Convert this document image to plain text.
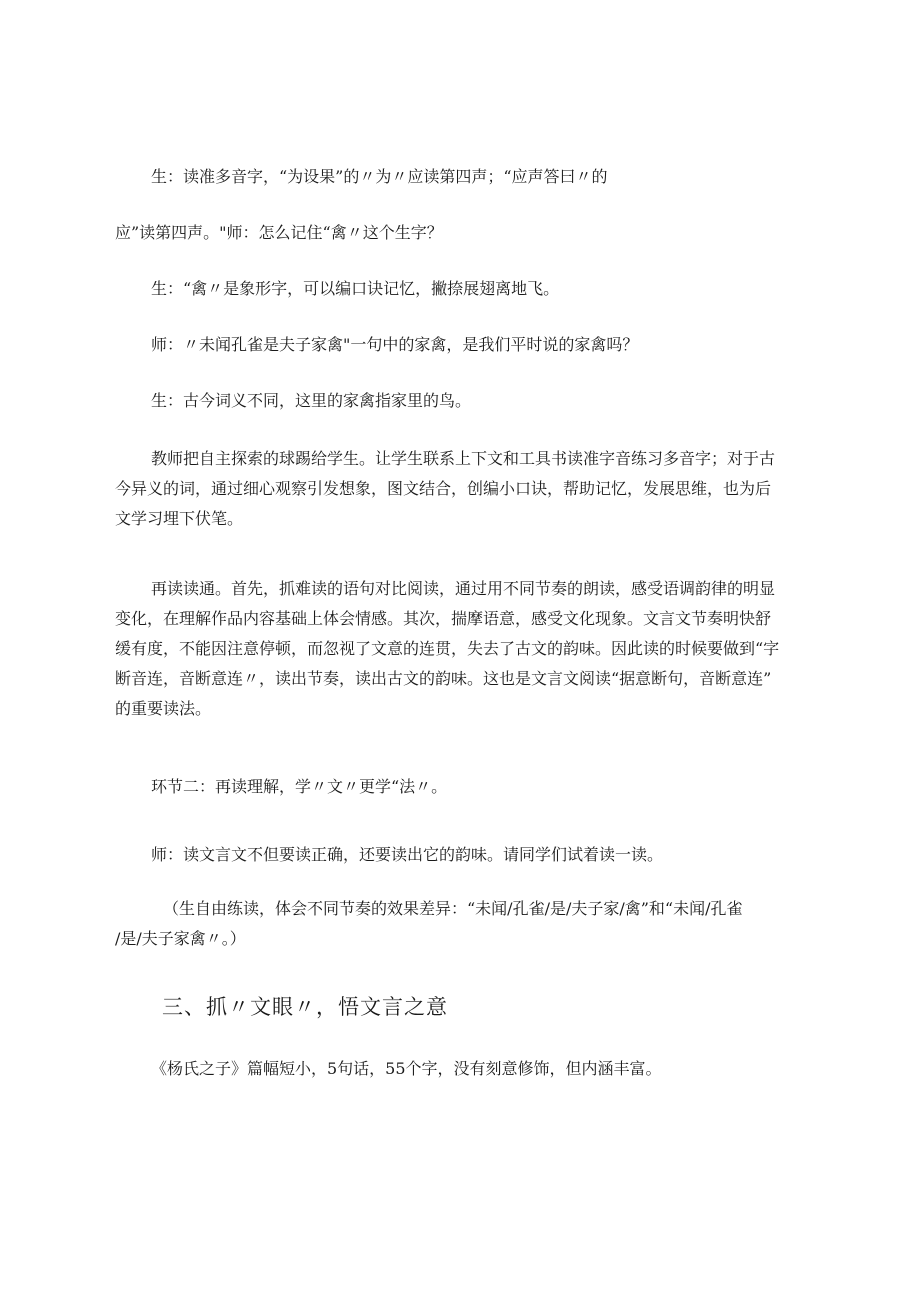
生：读准多音字，“为设果”的〃为〃应读第四声；“应声答曰〃的

应”读第四声。"师：怎么记住“禽〃这个生字？

生：“禽〃是象形字，可以编口诀记忆，撇捺展翅离地飞。

师：〃未闻孔雀是夫子家禽"一句中的家禽，是我们平时说的家禽吗？

生：古今词义不同，这里的家禽指家里的鸟。

教师把自主探索的球踢给学生。让学生联系上下文和工具书读准字音练习多音字；对于古
今异义的词，通过细心观察引发想象，图文结合，创编小口诀，帮助记忆，发展思维，也为后
文学习埋下伏笔。

再读读通。首先，抓难读的语句对比阅读，通过用不同节奏的朗读，感受语调韵律的明显
变化，在理解作品内容基础上体会情感。其次，揣摩语意，感受文化现象。文言文节奏明快舒
缓有度，不能因注意停顿，而忽视了文意的连贯，失去了古文的韵味。因此读的时候要做到“字
断音连，音断意连〃，读出节奏，读出古文的韵味。这也是文言文阅读“据意断句，音断意连”
的重要读法。

环节二：再读理解，学〃文〃更学“法〃。

师：读文言文不但要读正确，还要读出它的韵味。请同学们试着读一读。

（生自由练读，体会不同节奏的效果差异：“未闻/孔雀/是/夫子家/禽”和“未闻/孔雀
/是/夫子家禽〃。）

三、抓〃文眼〃，悟文言之意

《杨氏之子》篇幅短小，5句话，55个字，没有刻意修饰，但内涵丰富。
